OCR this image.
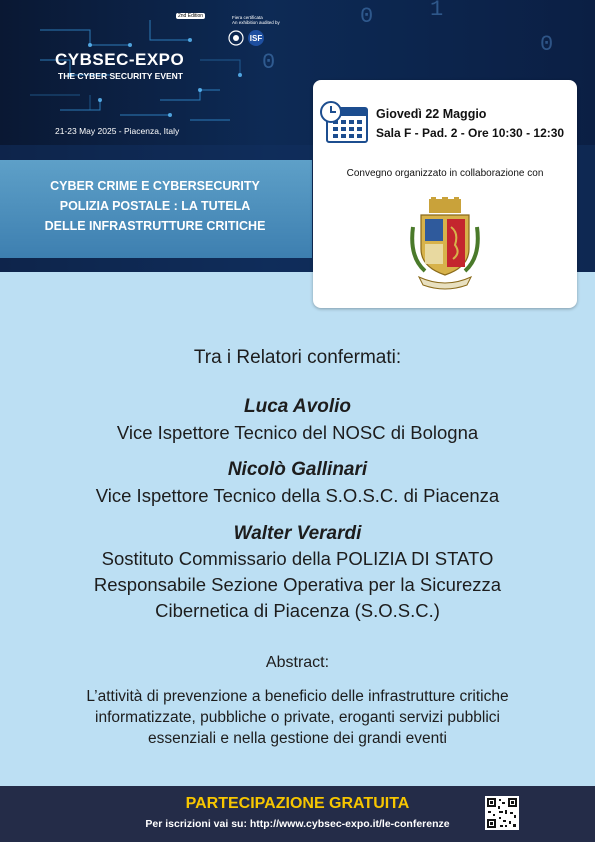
0
0
0
1
2nd Edition
CYBSEC-EXPO
THE CYBER SECURITY EVENT
21-23 May 2025 - Piacenza, Italy
Fiera certificata
An exhibition audited by
ISF
CYBER CRIME E CYBERSECURITY
POLIZIA POSTALE : LA TUTELA
DELLE INFRASTRUTTURE CRITICHE
Giovedì 22 Maggio
Sala F - Pad. 2 - Ore 10:30 - 12:30
Convegno organizzato in collaborazione con
Tra i Relatori confermati:
Luca Avolio
Vice Ispettore Tecnico del NOSC di Bologna
Nicolò Gallinari
Vice Ispettore Tecnico della S.O.S.C. di Piacenza
Walter Verardi
Sostituto Commissario della POLIZIA DI STATO
Responsabile Sezione Operativa per la Sicurezza
Cibernetica di Piacenza (S.O.S.C.)
Abstract:
L’attività di prevenzione a beneficio delle infrastrutture critiche
informatizzate, pubbliche o private, eroganti servizi pubblici
essenziali e nella gestione dei grandi eventi
PARTECIPAZIONE GRATUITA
Per iscrizioni vai su: http://www.cybsec-expo.it/le-conferenze
